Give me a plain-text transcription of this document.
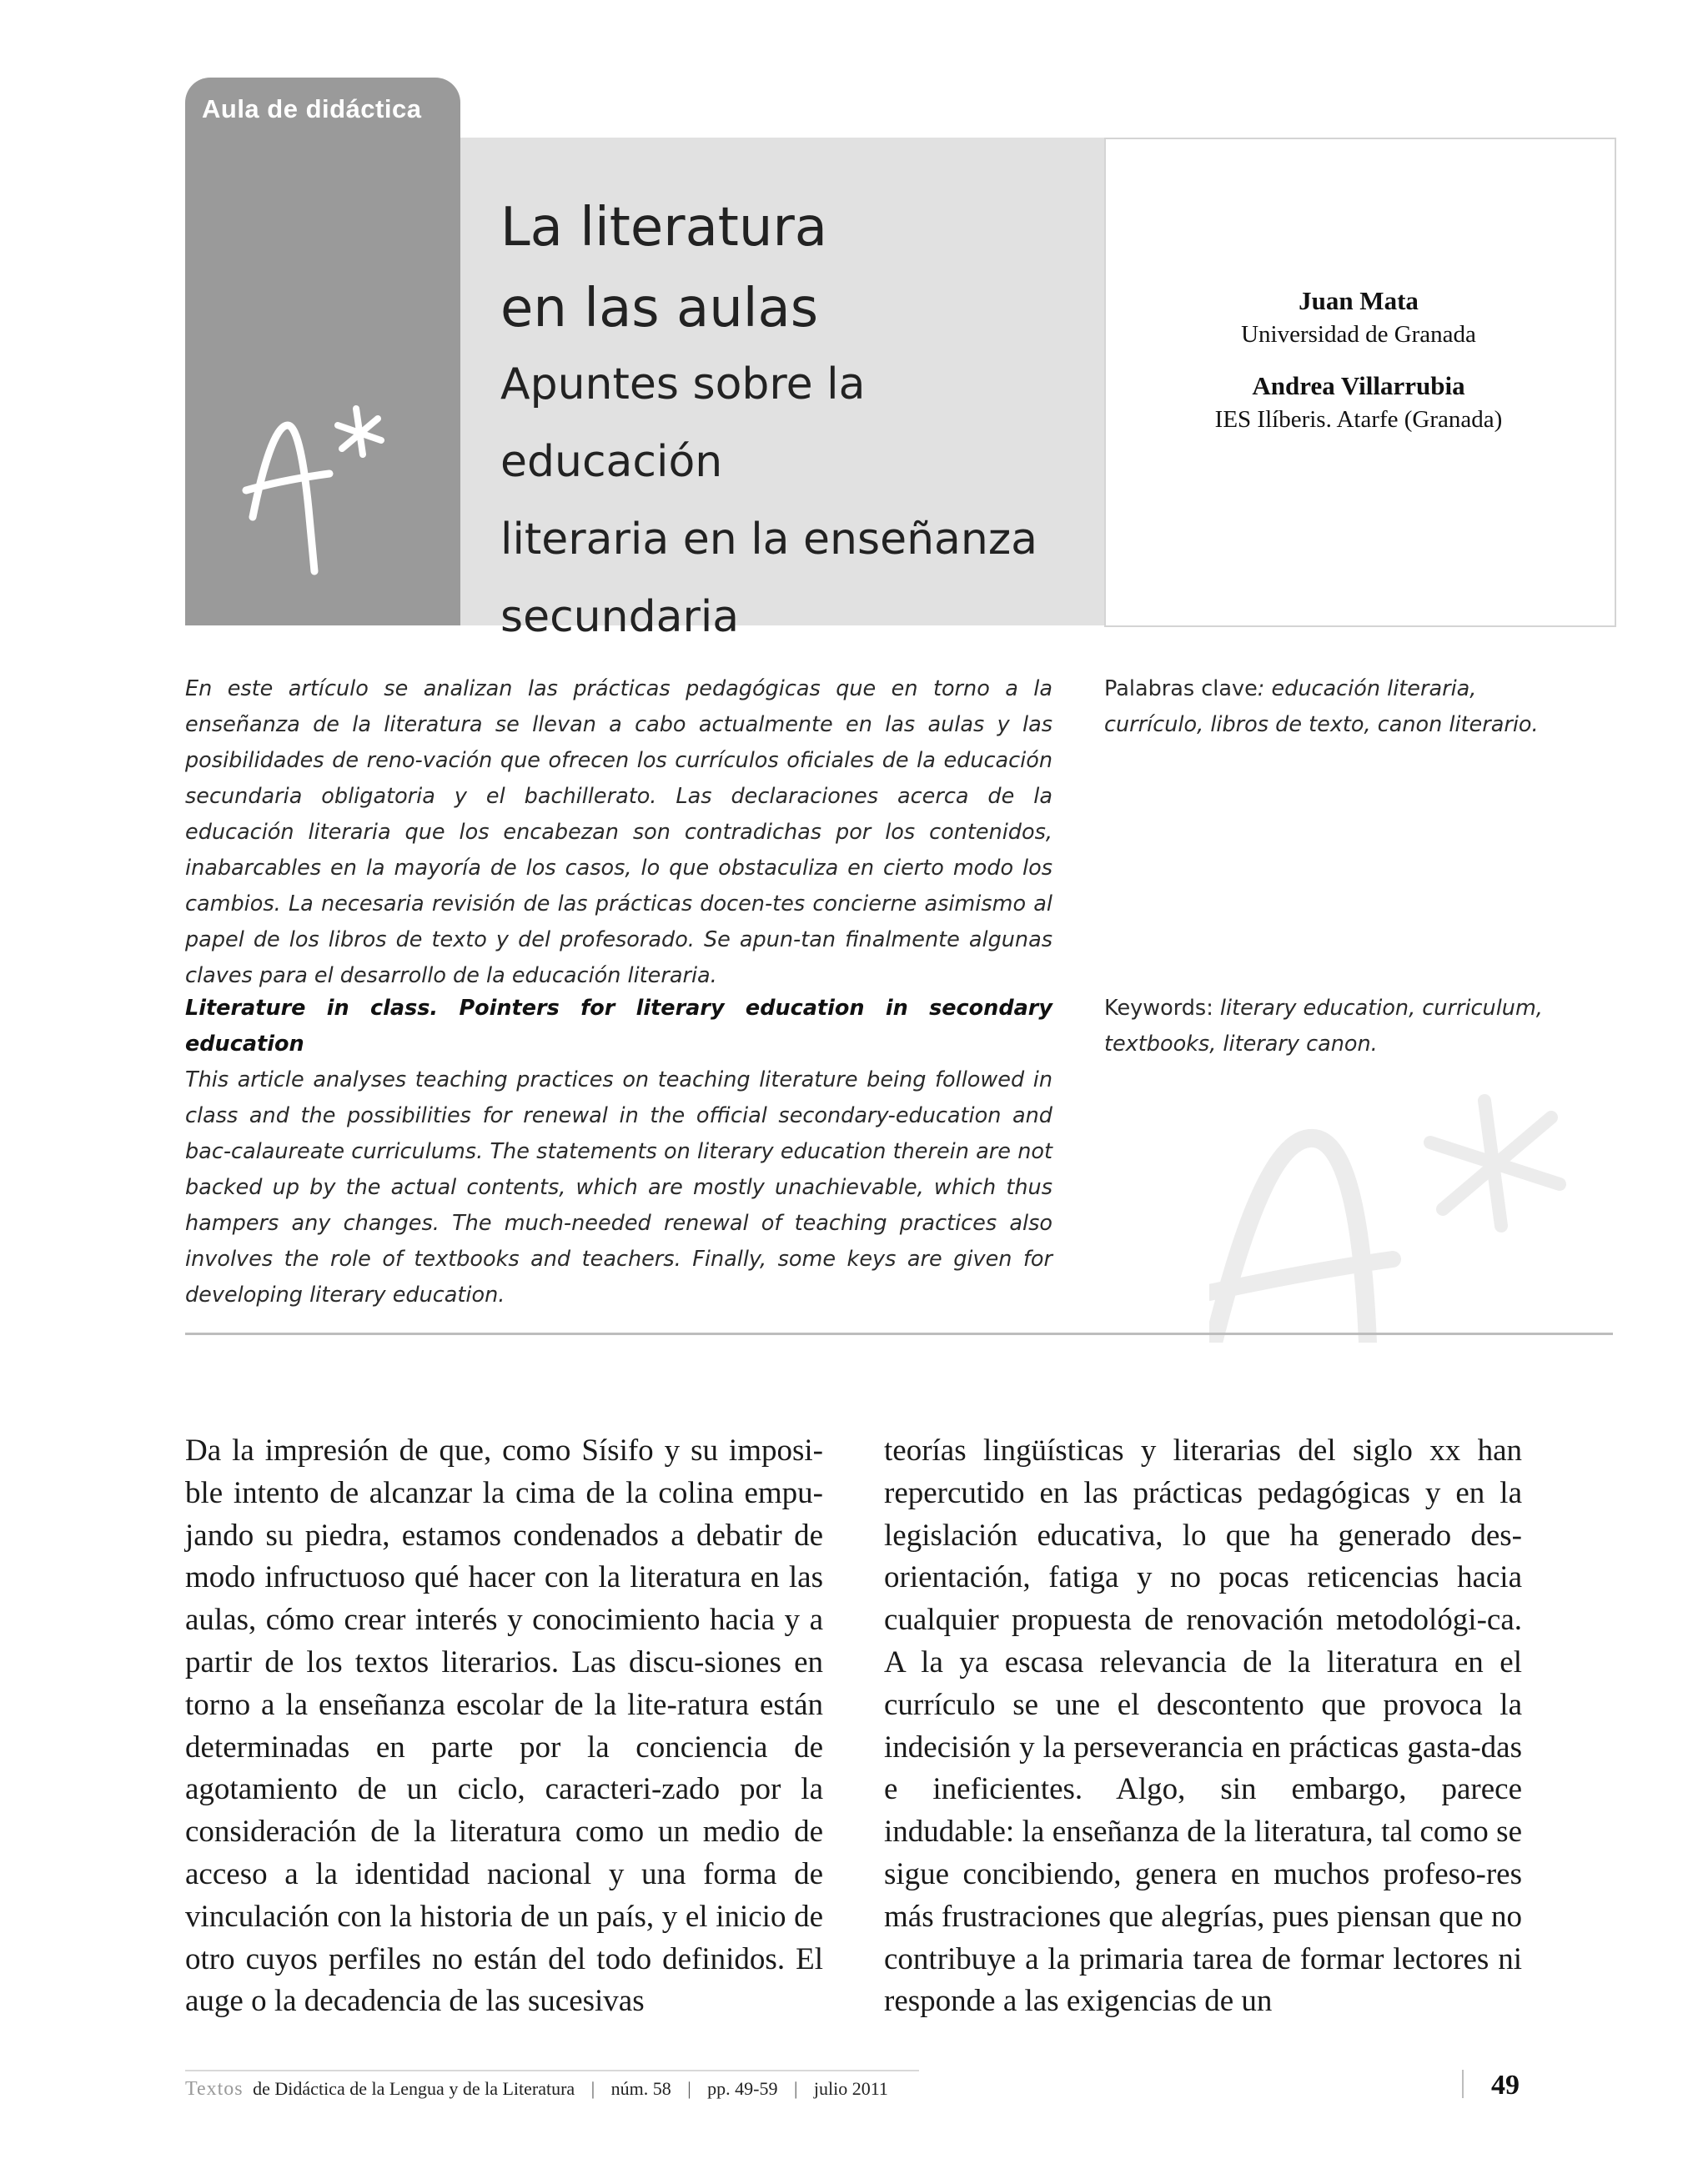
Aula de didáctica
La literatura
en las aulas
Apuntes sobre la educación
literaria en la enseñanza
secundaria
Juan Mata
Universidad de Granada
Andrea Villarrubia
IES Ilíberis. Atarfe (Granada)
En este artículo se analizan las prácticas pedagógicas que en torno a la enseñanza de la literatura se llevan a cabo actualmente en las aulas y las posibilidades de reno-vación que ofrecen los currículos oficiales de la educación secundaria obligatoria y el bachillerato. Las declaraciones acerca de la educación literaria que los encabezan son contradichas por los contenidos, inabarcables en la mayoría de los casos, lo que obstaculiza en cierto modo los cambios. La necesaria revisión de las prácticas docen-tes concierne asimismo al papel de los libros de texto y del profesorado. Se apun-tan finalmente algunas claves para el desarrollo de la educación literaria.
Palabras clave: educación literaria, currículo, libros de texto, canon literario.
Literature in class. Pointers for literary education in secondary education
This article analyses teaching practices on teaching literature being followed in class and the possibilities for renewal in the official secondary-education and bac-calaureate curriculums. The statements on literary education therein are not backed up by the actual contents, which are mostly unachievable, which thus hampers any changes. The much-needed renewal of teaching practices also involves the role of textbooks and teachers. Finally, some keys are given for developing literary education.
Keywords: literary education, curriculum, textbooks, literary canon.
Da la impresión de que, como Sísifo y su imposi-ble intento de alcanzar la cima de la colina empu-jando su piedra, estamos condenados a debatir de modo infructuoso qué hacer con la literatura en las aulas, cómo crear interés y conocimiento hacia y a partir de los textos literarios. Las discu-siones en torno a la enseñanza escolar de la lite-ratura están determinadas en parte por la conciencia de agotamiento de un ciclo, caracteri-zado por la consideración de la literatura como un medio de acceso a la identidad nacional y una forma de vinculación con la historia de un país, y el inicio de otro cuyos perfiles no están del todo definidos. El auge o la decadencia de las sucesivas
teorías lingüísticas y literarias del siglo xx han repercutido en las prácticas pedagógicas y en la legislación educativa, lo que ha generado des-orientación, fatiga y no pocas reticencias hacia cualquier propuesta de renovación metodológi-ca. A la ya escasa relevancia de la literatura en el currículo se une el descontento que provoca la indecisión y la perseverancia en prácticas gasta-das e ineficientes. Algo, sin embargo, parece indudable: la enseñanza de la literatura, tal como se sigue concibiendo, genera en muchos profeso-res más frustraciones que alegrías, pues piensan que no contribuye a la primaria tarea de formar lectores ni responde a las exigencias de un
Textos de Didáctica de la Lengua y de la Literatura | núm. 58 | pp. 49-59 | julio 2011	49
